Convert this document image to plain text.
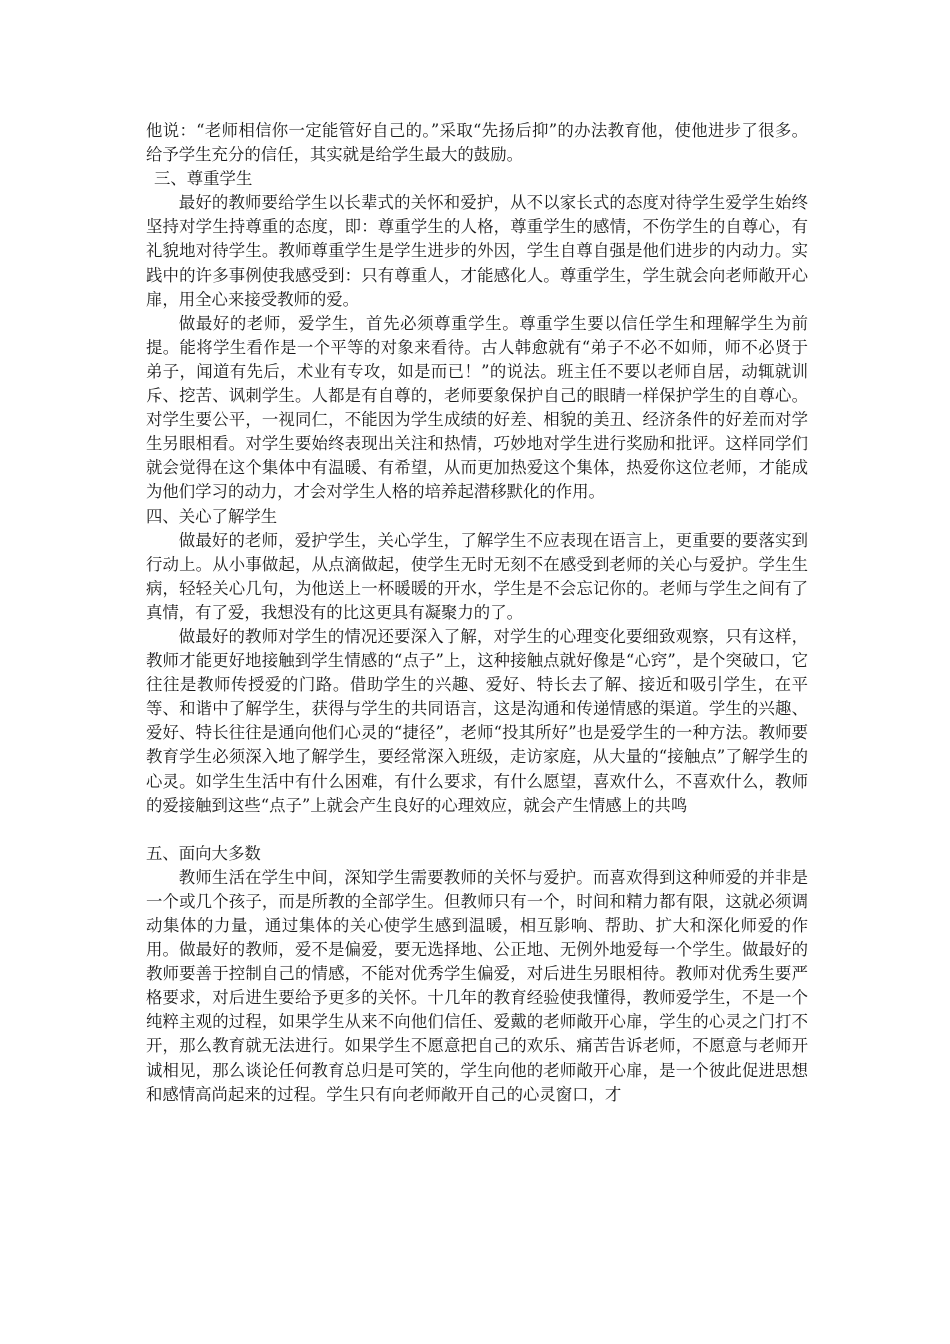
他说：“老师相信你一定能管好自己的。”采取“先扬后抑”的办法教育他，使他进步了很多。给予学生充分的信任，其实就是给学生最大的鼓励。

三、尊重学生

最好的教师要给学生以长辈式的关怀和爱护，从不以家长式的态度对待学生爱学生始终坚持对学生持尊重的态度，即：尊重学生的人格，尊重学生的感情，不伤学生的自尊心，有礼貌地对待学生。教师尊重学生是学生进步的外因，学生自尊自强是他们进步的内动力。实践中的许多事例使我感受到：只有尊重人，才能感化人。尊重学生，学生就会向老师敞开心扉，用全心来接受教师的爱。

做最好的老师，爱学生，首先必须尊重学生。尊重学生要以信任学生和理解学生为前提。能将学生看作是一个平等的对象来看待。古人韩愈就有“弟子不必不如师，师不必贤于弟子，闻道有先后，术业有专攻，如是而已！”的说法。班主任不要以老师自居，动辄就训斥、挖苦、讽刺学生。人都是有自尊的，老师要象保护自己的眼睛一样保护学生的自尊心。对学生要公平，一视同仁，不能因为学生成绩的好差、相貌的美丑、经济条件的好差而对学生另眼相看。对学生要始终表现出关注和热情，巧妙地对学生进行奖励和批评。这样同学们就会觉得在这个集体中有温暖、有希望，从而更加热爱这个集体，热爱你这位老师，才能成为他们学习的动力，才会对学生人格的培养起潜移默化的作用。

四、关心了解学生

做最好的老师，爱护学生，关心学生，了解学生不应表现在语言上，更重要的要落实到行动上。从小事做起，从点滴做起，使学生无时无刻不在感受到老师的关心与爱护。学生生病，轻轻关心几句，为他送上一杯暖暖的开水，学生是不会忘记你的。老师与学生之间有了真情，有了爱，我想没有的比这更具有凝聚力的了。

做最好的教师对学生的情况还要深入了解，对学生的心理变化要细致观察，只有这样，教师才能更好地接触到学生情感的“点子”上，这种接触点就好像是“心窍”，是个突破口，它往往是教师传授爱的门路。借助学生的兴趣、爱好、特长去了解、接近和吸引学生，在平等、和谐中了解学生，获得与学生的共同语言，这是沟通和传递情感的渠道。学生的兴趣、爱好、特长往往是通向他们心灵的“捷径”，老师“投其所好”也是爱学生的一种方法。教师要教育学生必须深入地了解学生，要经常深入班级，走访家庭，从大量的“接触点”了解学生的心灵。如学生生活中有什么困难，有什么要求，有什么愿望，喜欢什么，不喜欢什么，教师的爱接触到这些“点子”上就会产生良好的心理效应，就会产生情感上的共鸣

五、面向大多数

教师生活在学生中间，深知学生需要教师的关怀与爱护。而喜欢得到这种师爱的并非是一个或几个孩子，而是所教的全部学生。但教师只有一个，时间和精力都有限，这就必须调动集体的力量，通过集体的关心使学生感到温暖，相互影响、帮助、扩大和深化师爱的作用。做最好的教师，爱不是偏爱，要无选择地、公正地、无例外地爱每一个学生。做最好的教师要善于控制自己的情感，不能对优秀学生偏爱，对后进生另眼相待。教师对优秀生要严格要求，对后进生要给予更多的关怀。十几年的教育经验使我懂得，教师爱学生，不是一个纯粹主观的过程，如果学生从来不向他们信任、爱戴的老师敞开心扉，学生的心灵之门打不开，那么教育就无法进行。如果学生不愿意把自己的欢乐、痛苦告诉老师，不愿意与老师开诚相见，那么谈论任何教育总归是可笑的，学生向他的老师敞开心扉，是一个彼此促进思想和感情高尚起来的过程。学生只有向老师敞开自己的心灵窗口，才
